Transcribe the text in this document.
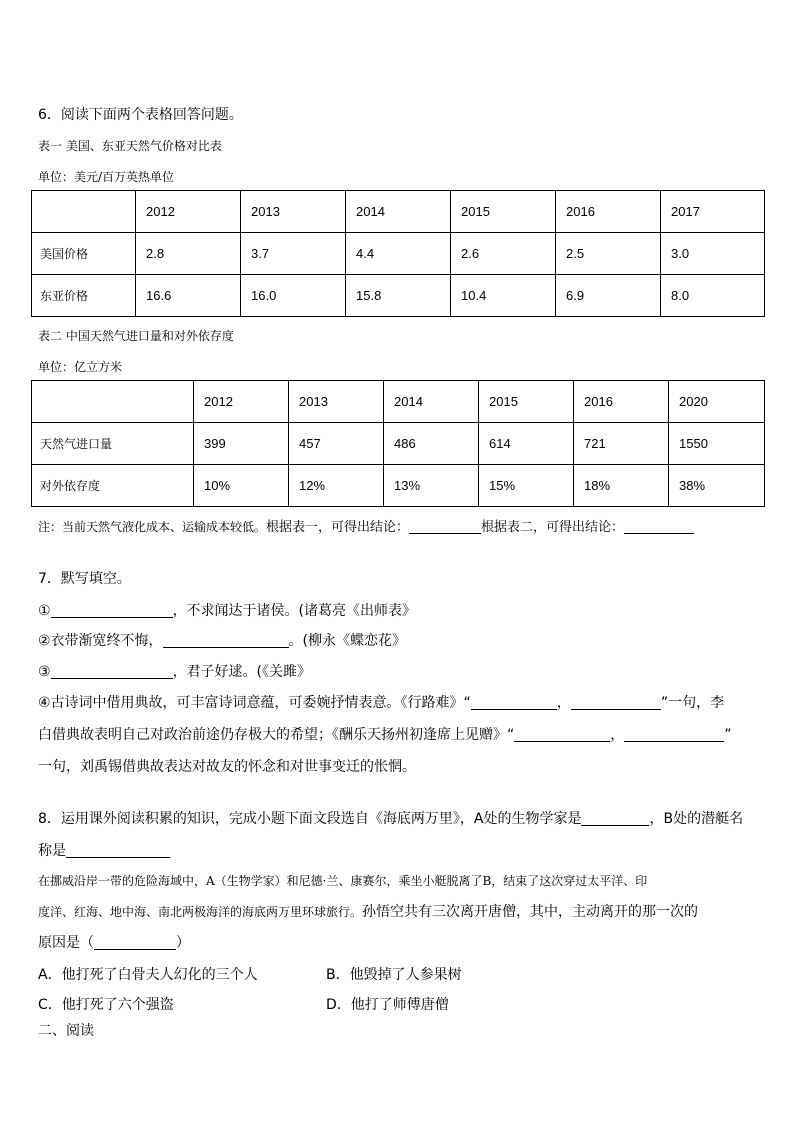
6．阅读下面两个表格回答问题。
表一 美国、东亚天然气价格对比表
单位：美元/百万英热单位
	2012	2013	2014	2015	2016	2017
美国价格	2.8	3.7	4.4	2.6	2.5	3.0
东亚价格	16.6	16.0	15.8	10.4	6.9	8.0
表二 中国天然气进口量和对外依存度
单位：亿立方米
	2012	2013	2014	2015	2016	2020
天然气进口量	399	457	486	614	721	1550
对外依存度	10%	12%	13%	15%	18%	38%
注：当前天然气液化成本、运输成本较低。根据表一，可得出结论：	根据表二，可得出结论：
7．默写填空。
①	，不求闻达于诸侯。(诸葛亮《出师表》
②衣带渐宽终不悔，	。(柳永《蝶恋花》
③	，君子好逑。(《关雎》
④古诗词中借用典故，可丰富诗词意蕴，可委婉抒情表意。《行路难》“	，	”一句，李
白借典故表明自己对政治前途仍存极大的希望；《酬乐天扬州初逢席上见赠》“	，	”
一句，刘禹锡借典故表达对故友的怀念和对世事变迁的怅惘。
8．运用课外阅读积累的知识，完成小题下面文段选自《海底两万里》，A处的生物学家是	，B处的潜艇名
称是
在挪威沿岸一带的危险海域中，A（生物学家）和尼德·兰、康赛尔，乘坐小艇脱离了B，结束了这次穿过太平洋、印
度洋、红海、地中海、南北两极海洋的海底两万里环球旅行。孙悟空共有三次离开唐僧，其中，主动离开的那一次的
原因是（	）
A．他打死了白骨夫人幻化的三个人	B．他毁掉了人参果树
C．他打死了六个强盗	D．他打了师傅唐僧
二、阅读
